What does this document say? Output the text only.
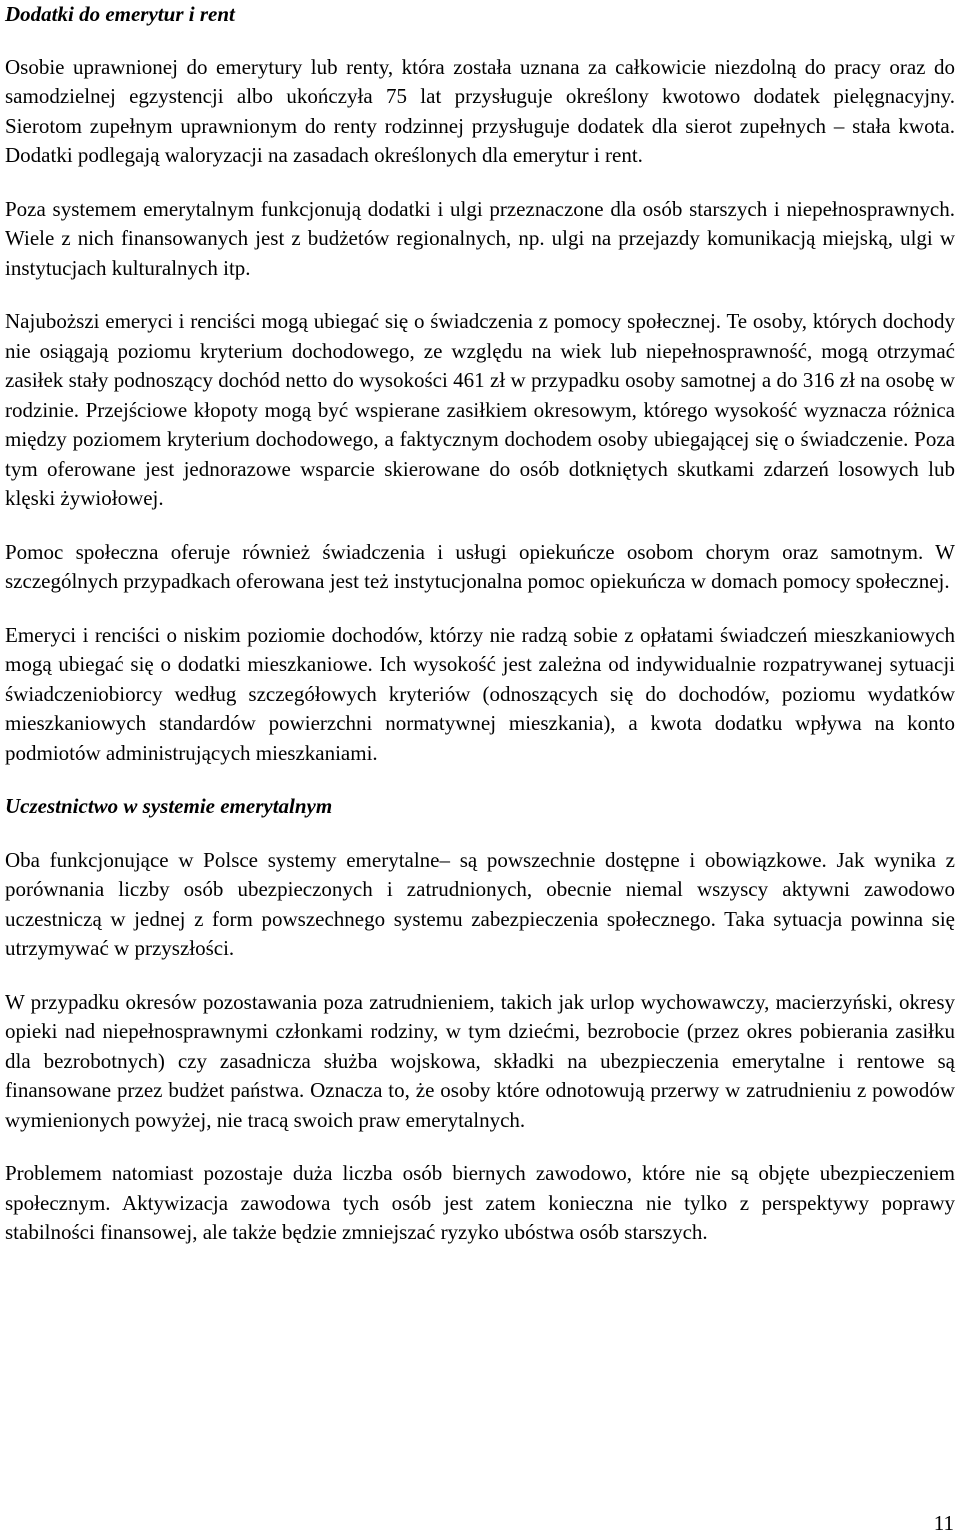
Dodatki do emerytur i rent

Osobie uprawnionej do emerytury lub renty, która została uznana za całkowicie niezdolną do pracy oraz do samodzielnej egzystencji albo ukończyła 75 lat przysługuje określony kwotowo dodatek pielęgnacyjny. Sierotom zupełnym uprawnionym do renty rodzinnej przysługuje dodatek dla sierot zupełnych – stała kwota. Dodatki podlegają waloryzacji na zasadach określonych dla emerytur i rent.

Poza systemem emerytalnym funkcjonują dodatki i ulgi przeznaczone dla osób starszych i niepełnosprawnych. Wiele z nich finansowanych jest z budżetów regionalnych, np. ulgi na przejazdy komunikacją miejską, ulgi w instytucjach kulturalnych itp.

Najuboższi emeryci i renciści mogą ubiegać się o świadczenia z pomocy społecznej. Te osoby, których dochody nie osiągają poziomu kryterium dochodowego, ze względu na wiek lub niepełnosprawność, mogą otrzymać zasiłek stały podnoszący dochód netto do wysokości 461 zł w przypadku osoby samotnej a do 316 zł na osobę w rodzinie. Przejściowe kłopoty mogą być wspierane zasiłkiem okresowym, którego wysokość wyznacza różnica między poziomem kryterium dochodowego, a faktycznym dochodem osoby ubiegającej się o świadczenie. Poza tym oferowane jest jednorazowe wsparcie skierowane do osób dotkniętych skutkami zdarzeń losowych lub klęski żywiołowej.

Pomoc społeczna oferuje również świadczenia i usługi opiekuńcze osobom chorym oraz samotnym. W szczególnych przypadkach oferowana jest też instytucjonalna pomoc opiekuńcza w domach pomocy społecznej.

Emeryci i renciści o niskim poziomie dochodów, którzy nie radzą sobie z opłatami świadczeń mieszkaniowych mogą ubiegać się o dodatki mieszkaniowe. Ich wysokość jest zależna od indywidualnie rozpatrywanej sytuacji świadczeniobiorcy według szczegółowych kryteriów (odnoszących się do dochodów, poziomu wydatków mieszkaniowych standardów powierzchni normatywnej mieszkania), a kwota dodatku wpływa na konto podmiotów administrujących mieszkaniami.

Uczestnictwo w systemie emerytalnym

Oba funkcjonujące w Polsce systemy emerytalne– są powszechnie dostępne i obowiązkowe. Jak wynika z porównania liczby osób ubezpieczonych i zatrudnionych, obecnie niemal wszyscy aktywni zawodowo uczestniczą w jednej z form powszechnego systemu zabezpieczenia społecznego. Taka sytuacja powinna się utrzymywać w przyszłości.

W przypadku okresów pozostawania poza zatrudnieniem, takich jak urlop wychowawczy, macierzyński, okresy opieki nad niepełnosprawnymi członkami rodziny, w tym dziećmi, bezrobocie (przez okres pobierania zasiłku dla bezrobotnych) czy zasadnicza służba wojskowa, składki na ubezpieczenia emerytalne i rentowe są finansowane przez budżet państwa. Oznacza to, że osoby które odnotowują przerwy w zatrudnieniu z powodów wymienionych powyżej, nie tracą swoich praw emerytalnych.

Problemem natomiast pozostaje duża liczba osób biernych zawodowo, które nie są objęte ubezpieczeniem społecznym. Aktywizacja zawodowa tych osób jest zatem konieczna nie tylko z perspektywy poprawy stabilności finansowej, ale także będzie zmniejszać ryzyko ubóstwa osób starszych.

11
